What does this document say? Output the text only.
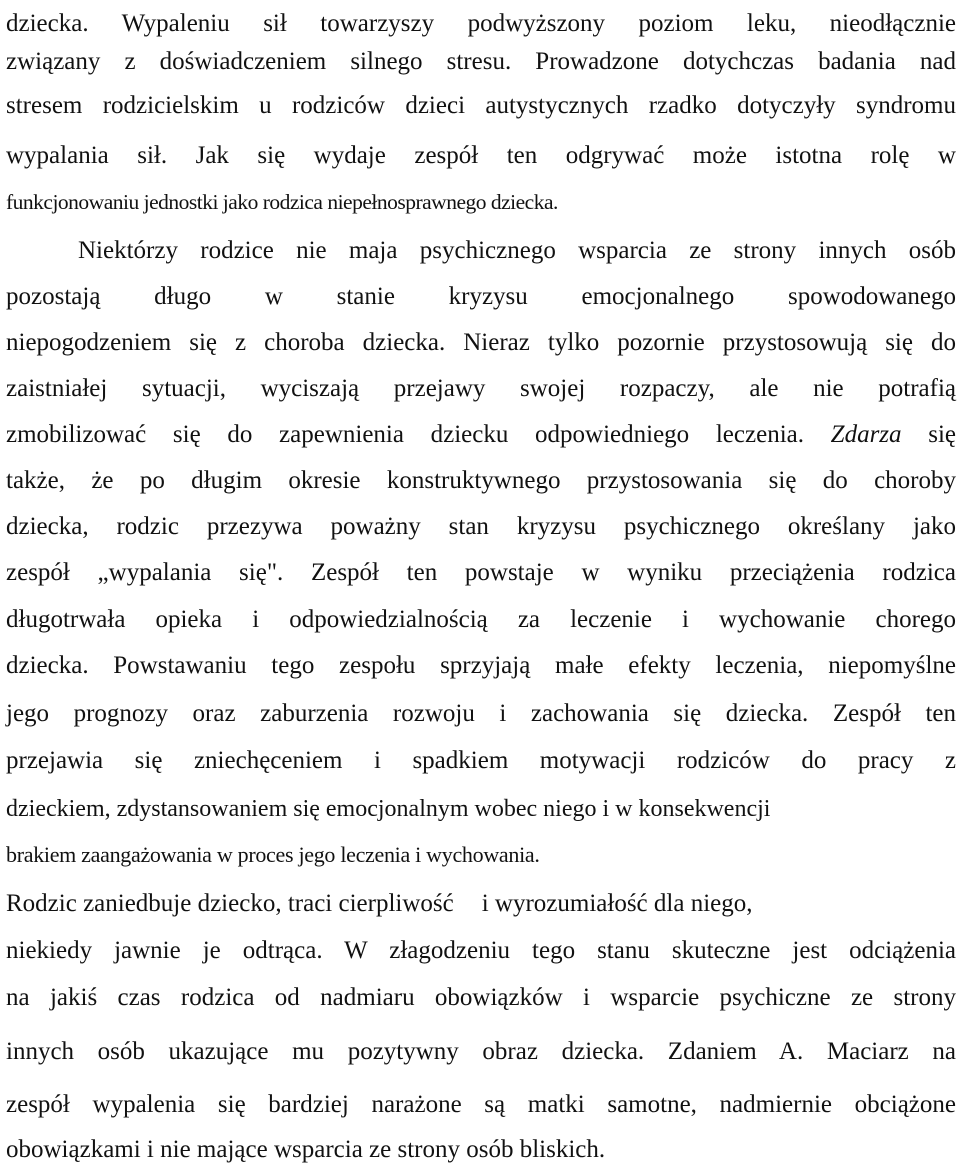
dziecka. Wypaleniu sił towarzyszy podwyższony poziom leku, nieodłącznie
związany z doświadczeniem silnego stresu. Prowadzone dotychczas badania nad
stresem rodzicielskim u rodziców dzieci autystycznych rzadko dotyczyły syndromu
wypalania sił. Jak się wydaje zespół ten odgrywać może istotna rolę w
funkcjonowaniu jednostki jako rodzica niepełnosprawnego dziecka.
Niektórzy rodzice nie maja psychicznego wsparcia ze strony innych osób
pozostają długo w stanie kryzysu emocjonalnego spowodowanego
niepogodzeniem się z choroba dziecka. Nieraz tylko pozornie przystosowują się do
zaistniałej sytuacji, wyciszają przejawy swojej rozpaczy, ale nie potrafią
zmobilizować się do zapewnienia dziecku odpowiedniego leczenia. Zdarza się
także, że po długim okresie konstruktywnego przystosowania się do choroby
dziecka, rodzic przezywa poważny stan kryzysu psychicznego określany jako
zespół „wypalania się". Zespół ten powstaje w wyniku przeciążenia rodzica
długotrwała opieka i odpowiedzialnością za leczenie i wychowanie chorego
dziecka. Powstawaniu tego zespołu sprzyjają małe efekty leczenia, niepomyślne
jego prognozy oraz zaburzenia rozwoju i zachowania się dziecka. Zespół ten
przejawia się zniechęceniem i spadkiem motywacji rodziców do pracy z
dzieckiem, zdystansowaniem się emocjonalnym wobec niego i w konsekwencji
brakiem zaangażowania w proces jego leczenia i wychowania.
Rodzic zaniedbuje dziecko, traci cierpliwość i wyrozumiałość dla niego,
niekiedy jawnie je odtrąca. W złagodzeniu tego stanu skuteczne jest odciążenia
na jakiś czas rodzica od nadmiaru obowiązków i wsparcie psychiczne ze strony
innych osób ukazujące mu pozytywny obraz dziecka. Zdaniem A. Maciarz na
zespół wypalenia się bardziej narażone są matki samotne, nadmiernie obciążone
obowiązkami i nie mające wsparcia ze strony osób bliskich.
